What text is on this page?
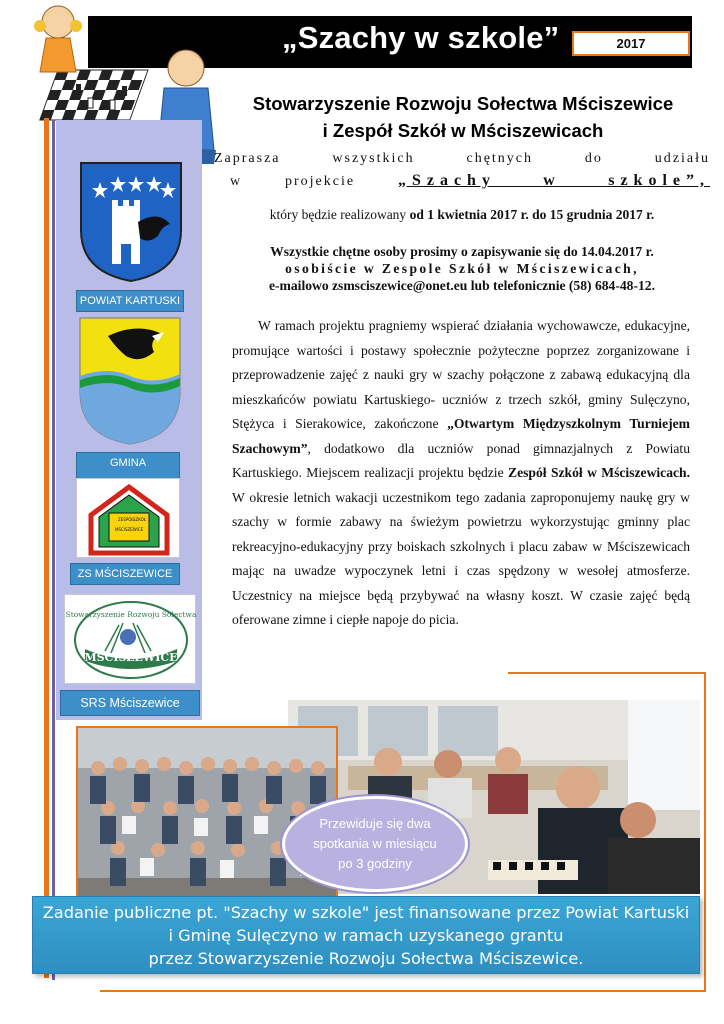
„Szachy w szkole”	2017
POWIAT KARTUSKI
GMINA
ZESPÓŁ SZKÓŁ
MŚCISZEWICE
ZS MŚCISZEWICE
Stowarzyszenie Rozwoju Sołectwa
MŚCISZEWICE
SRS Mściszewice
Stowarzyszenie Rozwoju Sołectwa Mściszewice
i Zespół Szkół w Mściszewicach
Zaprasza wszystkich chętnych do udziału
w projekcie	„Szachy w szkole”,
który będzie realizowany od 1 kwietnia 2017 r. do 15 grudnia 2017 r.
Wszystkie chętne osoby prosimy o zapisywanie się do 14.04.2017 r.
osobiście w Zespole Szkół w Mściszewicach,
e-mailowo zsmsciszewice@onet.eu lub telefonicznie (58) 684-48-12.
W ramach projektu pragniemy wspierać działania wychowawcze, edukacyjne, promujące wartości i postawy społecznie pożyteczne poprzez zorganizowane i przeprowadzenie zajęć z nauki gry w szachy połączone z zabawą edukacyjną dla mieszkańców powiatu Kartuskiego- uczniów z trzech szkół, gminy Sulęczyno, Stężyca i Sierakowice, zakończone „Otwartym Międzyszkolnym Turniejem Szachowym”, dodatkowo dla uczniów ponad gimnazjalnych z Powiatu Kartuskiego. Miejscem realizacji projektu będzie Zespół Szkół w Mściszewicach. W okresie letnich wakacji uczestnikom tego zadania zaproponujemy naukę gry w szachy w formie zabawy na świeżym powietrzu wykorzystując gminny plac rekreacyjno-edukacyjny przy boiskach szkolnych i placu zabaw w Mściszewicach mając na uwadze wypoczynek letni i czas spędzony w wesołej atmosferze. Uczestnicy na miejsce będą przybywać na własny koszt. W czasie zajęć będą oferowane zimne i ciepłe napoje do picia.
Przewiduje się dwa
spotkania w miesiącu
po 3 godziny
Zadanie publiczne pt. "Szachy w szkole" jest finansowane przez Powiat Kartuski
i Gminę Sulęczyno w ramach uzyskanego grantu
przez Stowarzyszenie Rozwoju Sołectwa Mściszewice.
